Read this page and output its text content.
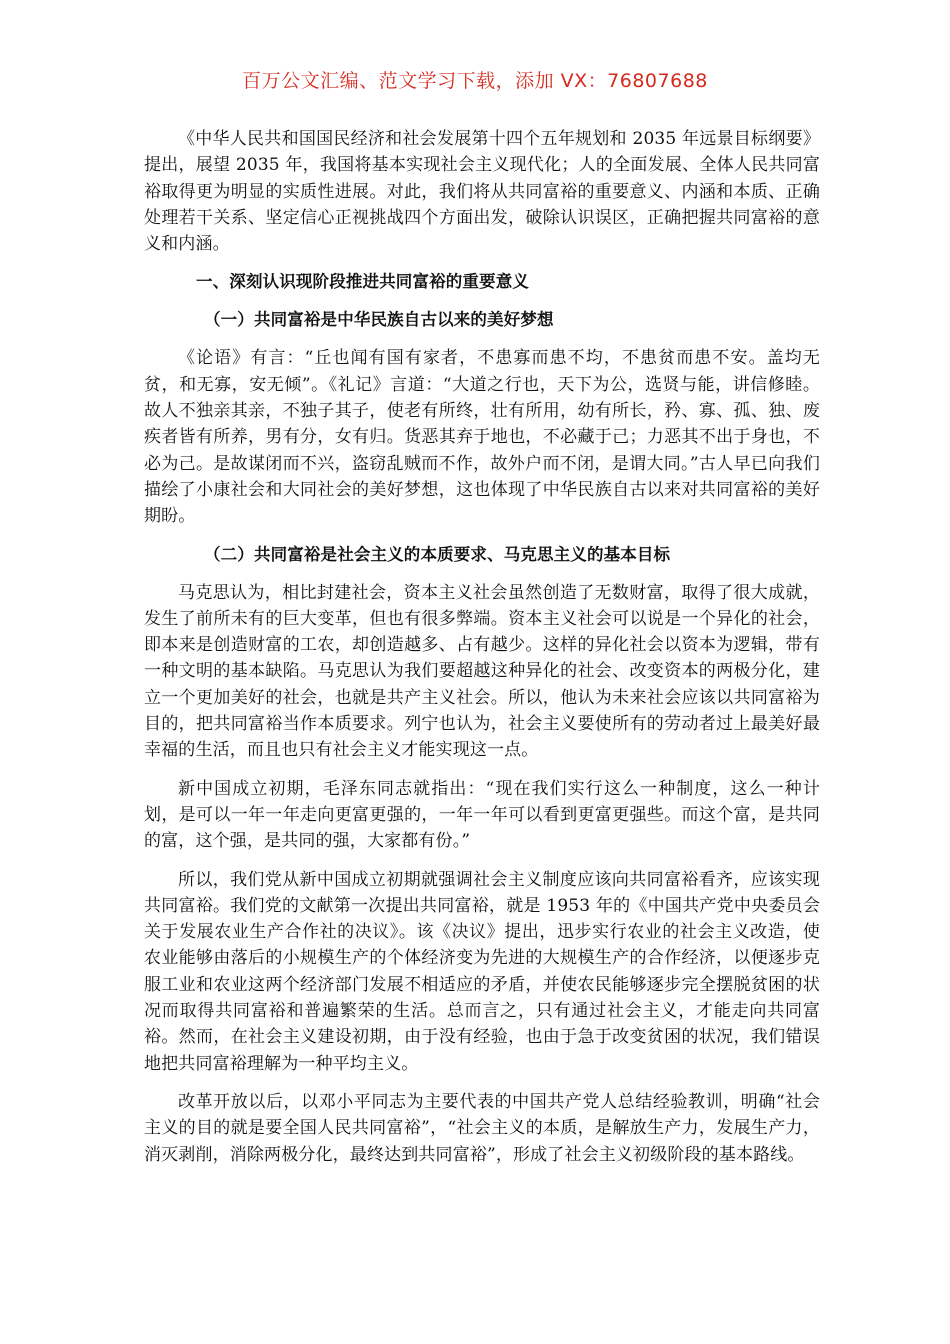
百万公文汇编、范文学习下载，添加 VX：76807688

《中华人民共和国国民经济和社会发展第十四个五年规划和 2035 年远景目标纲要》提出，展望 2035 年，我国将基本实现社会主义现代化；人的全面发展、全体人民共同富裕取得更为明显的实质性进展。对此，我们将从共同富裕的重要意义、内涵和本质、正确处理若干关系、坚定信心正视挑战四个方面出发，破除认识误区，正确把握共同富裕的意义和内涵。

一、深刻认识现阶段推进共同富裕的重要意义
（一）共同富裕是中华民族自古以来的美好梦想

《论语》有言：“丘也闻有国有家者，不患寡而患不均，不患贫而患不安。盖均无贫，和无寡，安无倾”。《礼记》言道：“大道之行也，天下为公，选贤与能，讲信修睦。故人不独亲其亲，不独子其子，使老有所终，壮有所用，幼有所长，矜、寡、孤、独、废疾者皆有所养，男有分，女有归。货恶其弃于地也，不必藏于己；力恶其不出于身也，不必为己。是故谋闭而不兴，盗窃乱贼而不作，故外户而不闭，是谓大同。”古人早已向我们描绘了小康社会和大同社会的美好梦想，这也体现了中华民族自古以来对共同富裕的美好期盼。

（二）共同富裕是社会主义的本质要求、马克思主义的基本目标

马克思认为，相比封建社会，资本主义社会虽然创造了无数财富，取得了很大成就，发生了前所未有的巨大变革，但也有很多弊端。资本主义社会可以说是一个异化的社会，即本来是创造财富的工农，却创造越多、占有越少。这样的异化社会以资本为逻辑，带有一种文明的基本缺陷。马克思认为我们要超越这种异化的社会、改变资本的两极分化，建立一个更加美好的社会，也就是共产主义社会。所以，他认为未来社会应该以共同富裕为目的，把共同富裕当作本质要求。列宁也认为，社会主义要使所有的劳动者过上最美好最幸福的生活，而且也只有社会主义才能实现这一点。

新中国成立初期，毛泽东同志就指出：“现在我们实行这么一种制度，这么一种计划，是可以一年一年走向更富更强的，一年一年可以看到更富更强些。而这个富，是共同的富，这个强，是共同的强，大家都有份。”

所以，我们党从新中国成立初期就强调社会主义制度应该向共同富裕看齐，应该实现共同富裕。我们党的文献第一次提出共同富裕，就是 1953 年的《中国共产党中央委员会关于发展农业生产合作社的决议》。该《决议》提出，迅步实行农业的社会主义改造，使农业能够由落后的小规模生产的个体经济变为先进的大规模生产的合作经济，以便逐步克服工业和农业这两个经济部门发展不相适应的矛盾，并使农民能够逐步完全摆脱贫困的状况而取得共同富裕和普遍繁荣的生活。总而言之，只有通过社会主义，才能走向共同富裕。然而，在社会主义建设初期，由于没有经验，也由于急于改变贫困的状况，我们错误地把共同富裕理解为一种平均主义。

改革开放以后，以邓小平同志为主要代表的中国共产党人总结经验教训，明确“社会主义的目的就是要全国人民共同富裕”，“社会主义的本质，是解放生产力，发展生产力，消灭剥削，消除两极分化，最终达到共同富裕”，形成了社会主义初级阶段的基本路线。
